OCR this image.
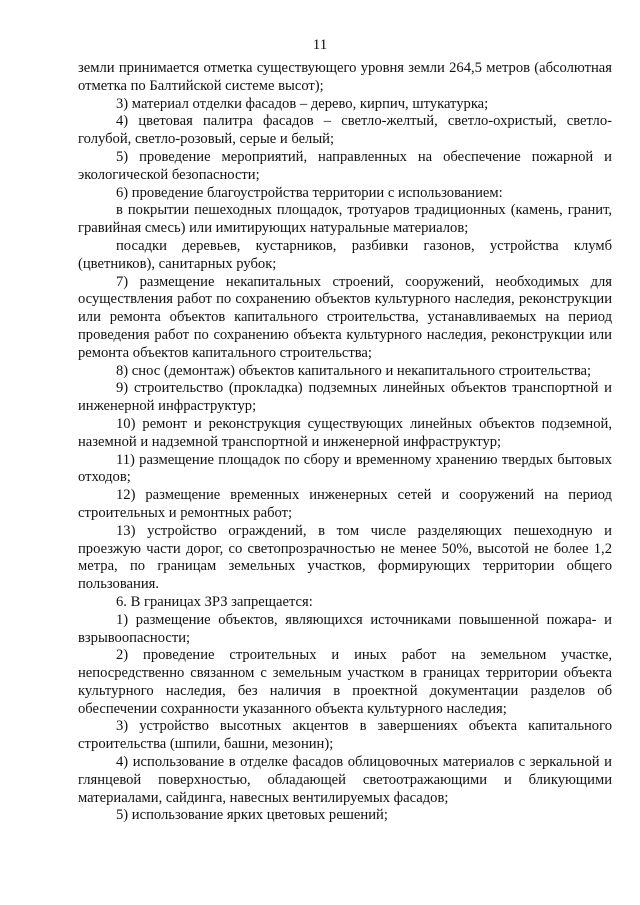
11

земли принимается отметка существующего уровня земли 264,5 метров (абсолютная отметка по Балтийской системе высот);

3) материал отделки фасадов – дерево, кирпич, штукатурка;

4) цветовая палитра фасадов – светло-желтый, светло-охристый, светло-голубой, светло-розовый, серые и белый;

5) проведение мероприятий, направленных на обеспечение пожарной и экологической безопасности;

6) проведение благоустройства территории с использованием:

в покрытии пешеходных площадок, тротуаров традиционных (камень, гранит, гравийная смесь) или имитирующих натуральные материалов;

посадки деревьев, кустарников, разбивки газонов, устройства клумб (цветников), санитарных рубок;

7) размещение некапитальных строений, сооружений, необходимых для осуществления работ по сохранению объектов культурного наследия, реконструкции или ремонта объектов капитального строительства, устанавливаемых на период проведения работ по сохранению объекта культурного наследия, реконструкции или ремонта объектов капитального строительства;

8) снос (демонтаж) объектов капитального и некапитального строительства;

9) строительство (прокладка) подземных линейных объектов транспортной и инженерной инфраструктур;

10) ремонт и реконструкция существующих линейных объектов подземной, наземной и надземной транспортной и инженерной инфраструктур;

11) размещение площадок по сбору и временному хранению твердых бытовых отходов;

12) размещение временных инженерных сетей и сооружений на период строительных и ремонтных работ;

13) устройство ограждений, в том числе разделяющих пешеходную и проезжую части дорог, со светопрозрачностью не менее 50%, высотой не более 1,2 метра, по границам земельных участков, формирующих территории общего пользования.

6. В границах ЗРЗ запрещается:

1) размещение объектов, являющихся источниками повышенной пожара- и взрывоопасности;

2) проведение строительных и иных работ на земельном участке, непосредственно связанном с земельным участком в границах территории объекта культурного наследия, без наличия в проектной документации разделов об обеспечении сохранности указанного объекта культурного наследия;

3) устройство высотных акцентов в завершениях объекта капитального строительства (шпили, башни, мезонин);

4) использование в отделке фасадов облицовочных материалов с зеркальной и глянцевой поверхностью, обладающей светоотражающими и бликующими материалами, сайдинга, навесных вентилируемых фасадов;

5) использование ярких цветовых решений;
